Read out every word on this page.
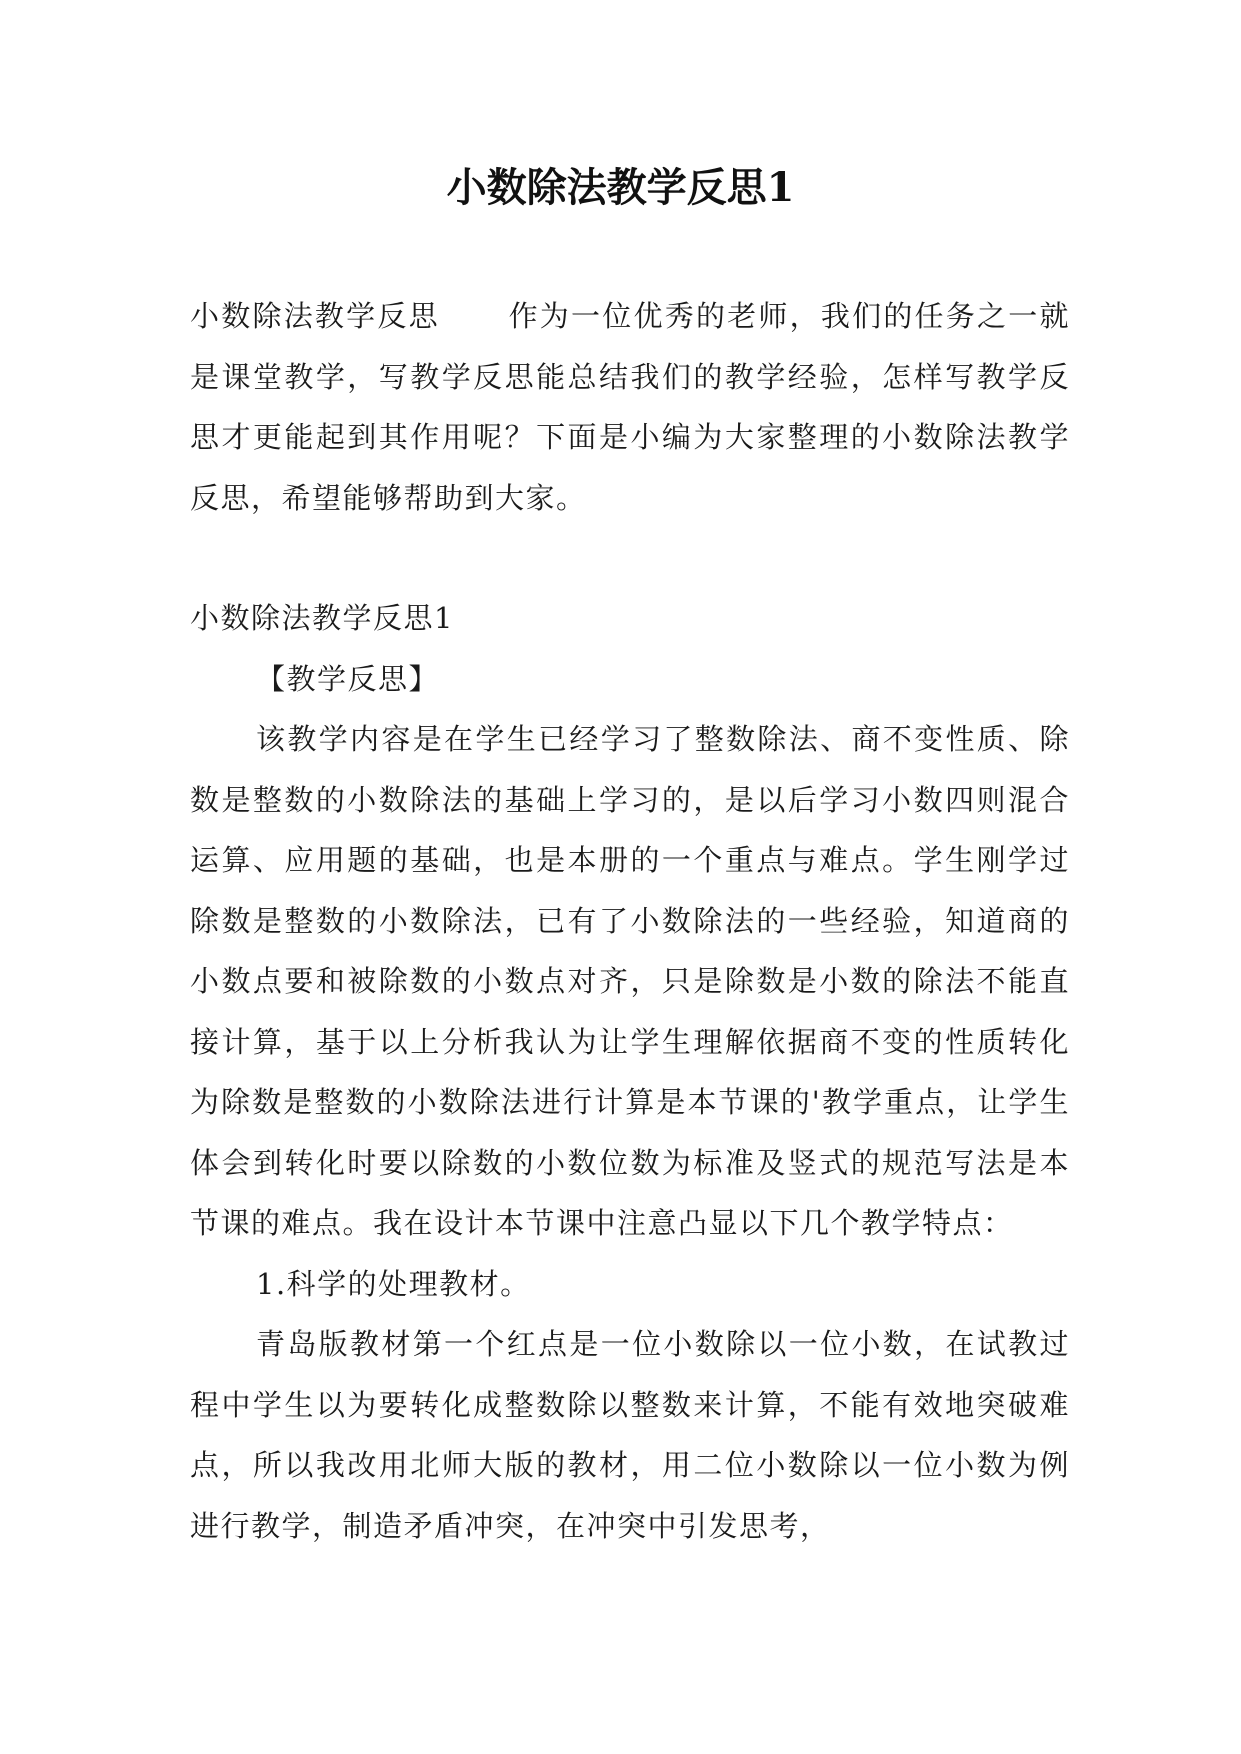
小数除法教学反思1

小数除法教学反思 作为一位优秀的老师，我们的任务之一就是课堂教学，写教学反思能总结我们的教学经验，怎样写教学反思才更能起到其作用呢？下面是小编为大家整理的小数除法教学反思，希望能够帮助到大家。

小数除法教学反思1

【教学反思】

该教学内容是在学生已经学习了整数除法、商不变性质、除数是整数的小数除法的基础上学习的，是以后学习小数四则混合运算、应用题的基础，也是本册的一个重点与难点。学生刚学过除数是整数的小数除法，已有了小数除法的一些经验，知道商的小数点要和被除数的小数点对齐，只是除数是小数的除法不能直接计算，基于以上分析我认为让学生理解依据商不变的性质转化为除数是整数的小数除法进行计算是本节课的'教学重点，让学生体会到转化时要以除数的小数位数为标准及竖式的规范写法是本节课的难点。我在设计本节课中注意凸显以下几个教学特点：

1.科学的处理教材。

青岛版教材第一个红点是一位小数除以一位小数，在试教过程中学生以为要转化成整数除以整数来计算，不能有效地突破难点，所以我改用北师大版的教材，用二位小数除以一位小数为例进行教学，制造矛盾冲突，在冲突中引发思考，
